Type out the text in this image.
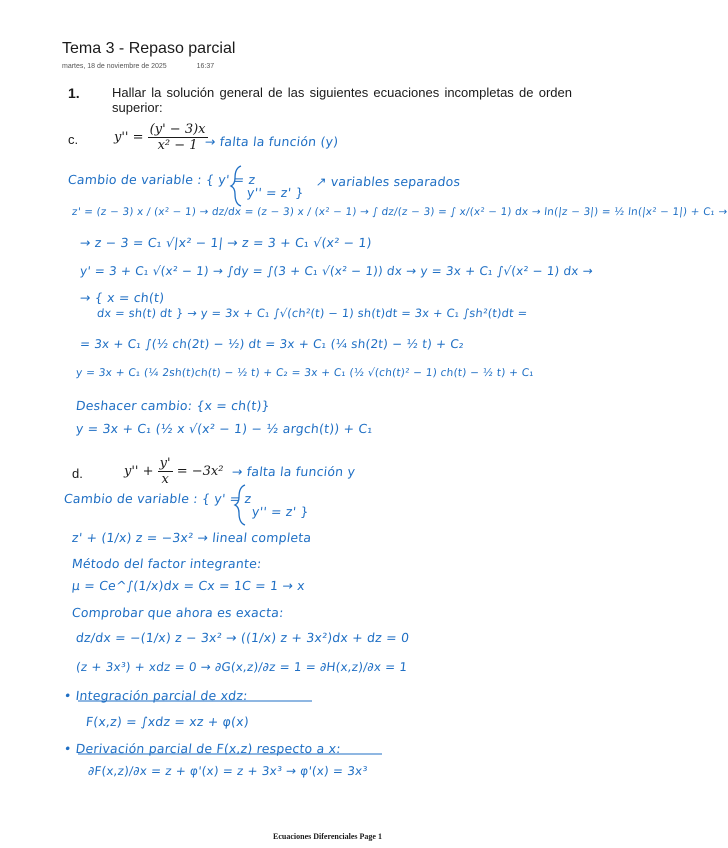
Tema 3 - Repaso parcial
martes, 18 de noviembre de 2025	16:37
1. Hallar la solución general de las siguientes ecuaciones incompletas de orden superior:
c.	$y'' = \frac{(y' - 3)x}{\text{x² − 1}}$
→ falta la función (y)
Cambio de variable : { y' = z
y'' = z' }
↗ variables separados
z' = (z − 3) x / (x² − 1) → dz/dx = (z − 3) x / (x² − 1) → ∫ dz/(z − 3) = ∫ x/(x² − 1) dx → ln(|z − 3|) = ½ ln(|x² − 1|) + C₁ →
→ z − 3 = C₁ √|x² − 1| → z = 3 + C₁ √(x² − 1)
y' = 3 + C₁ √(x² − 1) → ∫dy = ∫(3 + C₁ √(x² − 1)) dx → y = 3x + C₁ ∫√(x² − 1) dx →
→ { x = ch(t)
dx = sh(t) dt } → y = 3x + C₁ ∫√(ch²(t) − 1) sh(t)dt = 3x + C₁ ∫sh²(t)dt =
= 3x + C₁ ∫(½ ch(2t) − ½) dt = 3x + C₁ (¼ sh(2t) − ½ t) + C₂
y = 3x + C₁ (¼ 2sh(t)ch(t) − ½ t) + C₂ = 3x + C₁ (½ √(ch(t)² − 1) ch(t) − ½ t) + C₁
Deshacer cambio: {x = ch(t)}
y = 3x + C₁ (½ x √(x² − 1) − ½ argch(t)) + C₁
d.	$y'' + \frac{y'}{x} = -3x^2$ → falta la función y
Cambio de variable : { y' = z
y'' = z' }
z' + (1/x) z = −3x² → lineal completa
Método del factor integrante:
μ = Ce^∫(1/x)dx = Cx = 1C = 1 → x
Comprobar que ahora es exacta:
dz/dx = −(1/x) z − 3x² → ((1/x) z + 3x²)dx + dz = 0
(z + 3x³) + xdz = 0 → ∂G(x,z)/∂z = 1 = ∂H(x,z)/∂x = 1
• Integración parcial de xdz:
F(x,z) = ∫xdz = xz + φ(x)
• Derivación parcial de F(x,z) respecto a x:
∂F(x,z)/∂x = z + φ'(x) = z + 3x³ → φ'(x) = 3x³
Ecuaciones Diferenciales Page 1
